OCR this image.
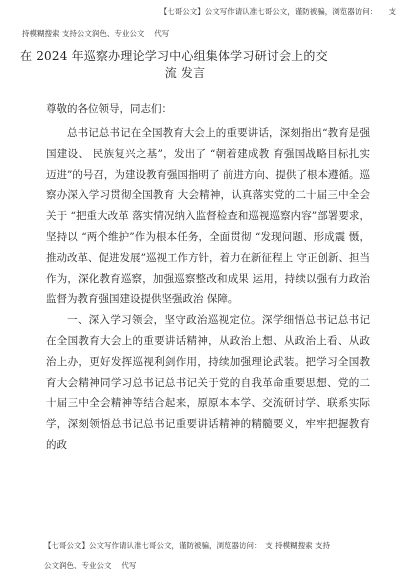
【七哥公文】公文写作请认准七哥公文，谨防被骗，浏览器访问：　　支
持模糊搜索 支持公文润色、专业公文　 代写
在 2024 年巡察办理论学习中心组集体学习研讨会上的交
流 发言
尊敬的各位领导，同志们：

总书记总书记在全国教育大会上的重要讲话，深刻指出“教育是强国建设、 民族复兴之基”，发出了 “朝着建成教 育强国战略目标扎实迈进”的号召，为建设教育强国指明了 前进方向、提供了根本遵循。巡察办深入学习贯彻全国教育 大会精神，认真落实党的二十届三中全会关于 “把重大改革 落实情况纳入监督检查和巡视巡察内容”部署要求，坚持以 “两个维护”作为根本任务，全面贯彻 “发现问题、形成震 慑，推动改革、促进发展”巡视工作方针，着力在新征程上 守正创新、担当作为，深化教育巡察，加强巡察整改和成果 运用，持续以强有力政治监督为教育强国建设提供坚强政治 保障。

一、深入学习领会，坚守政治巡视定位。深学细悟总书记总书记在全国教育大会上的重要讲话精神，从政治上想、从政治上看、从政治上办，更好发挥巡视利剑作用，持续加强理论武装。把学习全国教育大会精神同学习总书记总书记关于党的自我革命重要思想、党的二十届三中全会精神等结合起来，原原本本学、交流研讨学、联系实际学，深刻领悟总书记总书记重要讲话精神的精髓要义，牢牢把握教育的政

【七哥公文】公文写作请认准七哥公文，谨防被骗，浏览器访问：　支 持模糊搜索 支持
公文润色、专业公文　 代写
